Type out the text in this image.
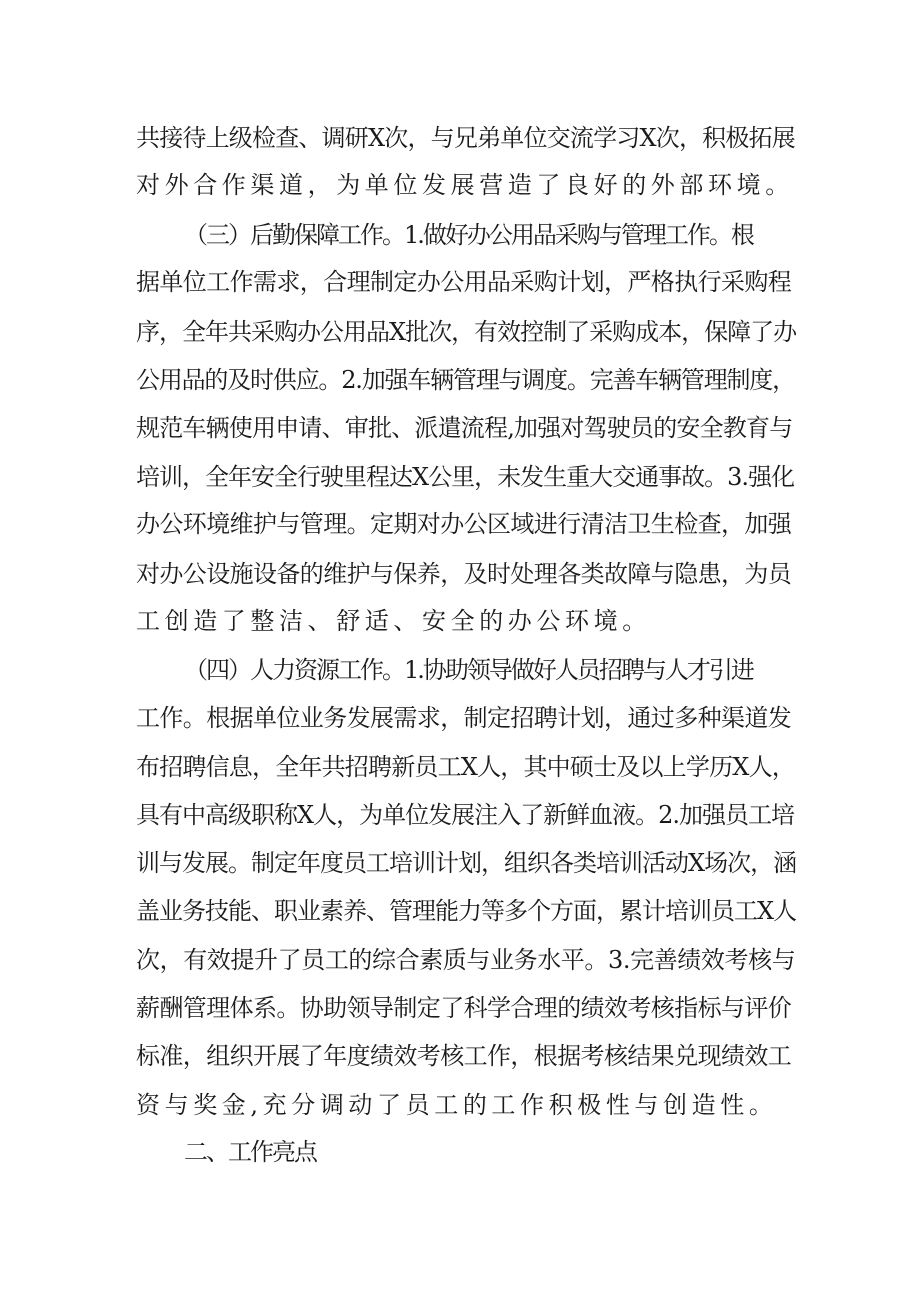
共接待上级检查、调研X次，与兄弟单位交流学习X次，积极拓展
对外合作渠道，为单位发展营造了良好的外部环境。
（三）后勤保障工作。1.做好办公用品采购与管理工作。根
据单位工作需求，合理制定办公用品采购计划，严格执行采购程
序，全年共采购办公用品X批次，有效控制了采购成本，保障了办
公用品的及时供应。2.加强车辆管理与调度。完善车辆管理制度，
规范车辆使用申请、审批、派遣流程,加强对驾驶员的安全教育与
培训，全年安全行驶里程达X公里，未发生重大交通事故。3.强化
办公环境维护与管理。定期对办公区域进行清洁卫生检查，加强
对办公设施设备的维护与保养，及时处理各类故障与隐患，为员
工创造了整洁、舒适、安全的办公环境。
（四）人力资源工作。1.协助领导做好人员招聘与人才引进
工作。根据单位业务发展需求，制定招聘计划，通过多种渠道发
布招聘信息，全年共招聘新员工X人，其中硕士及以上学历X人，
具有中高级职称X人，为单位发展注入了新鲜血液。2.加强员工培
训与发展。制定年度员工培训计划，组织各类培训活动X场次，涵
盖业务技能、职业素养、管理能力等多个方面，累计培训员工X人
次，有效提升了员工的综合素质与业务水平。3.完善绩效考核与
薪酬管理体系。协助领导制定了科学合理的绩效考核指标与评价
标准，组织开展了年度绩效考核工作，根据考核结果兑现绩效工
资与奖金,充分调动了员工的工作积极性与创造性。
二、工作亮点
